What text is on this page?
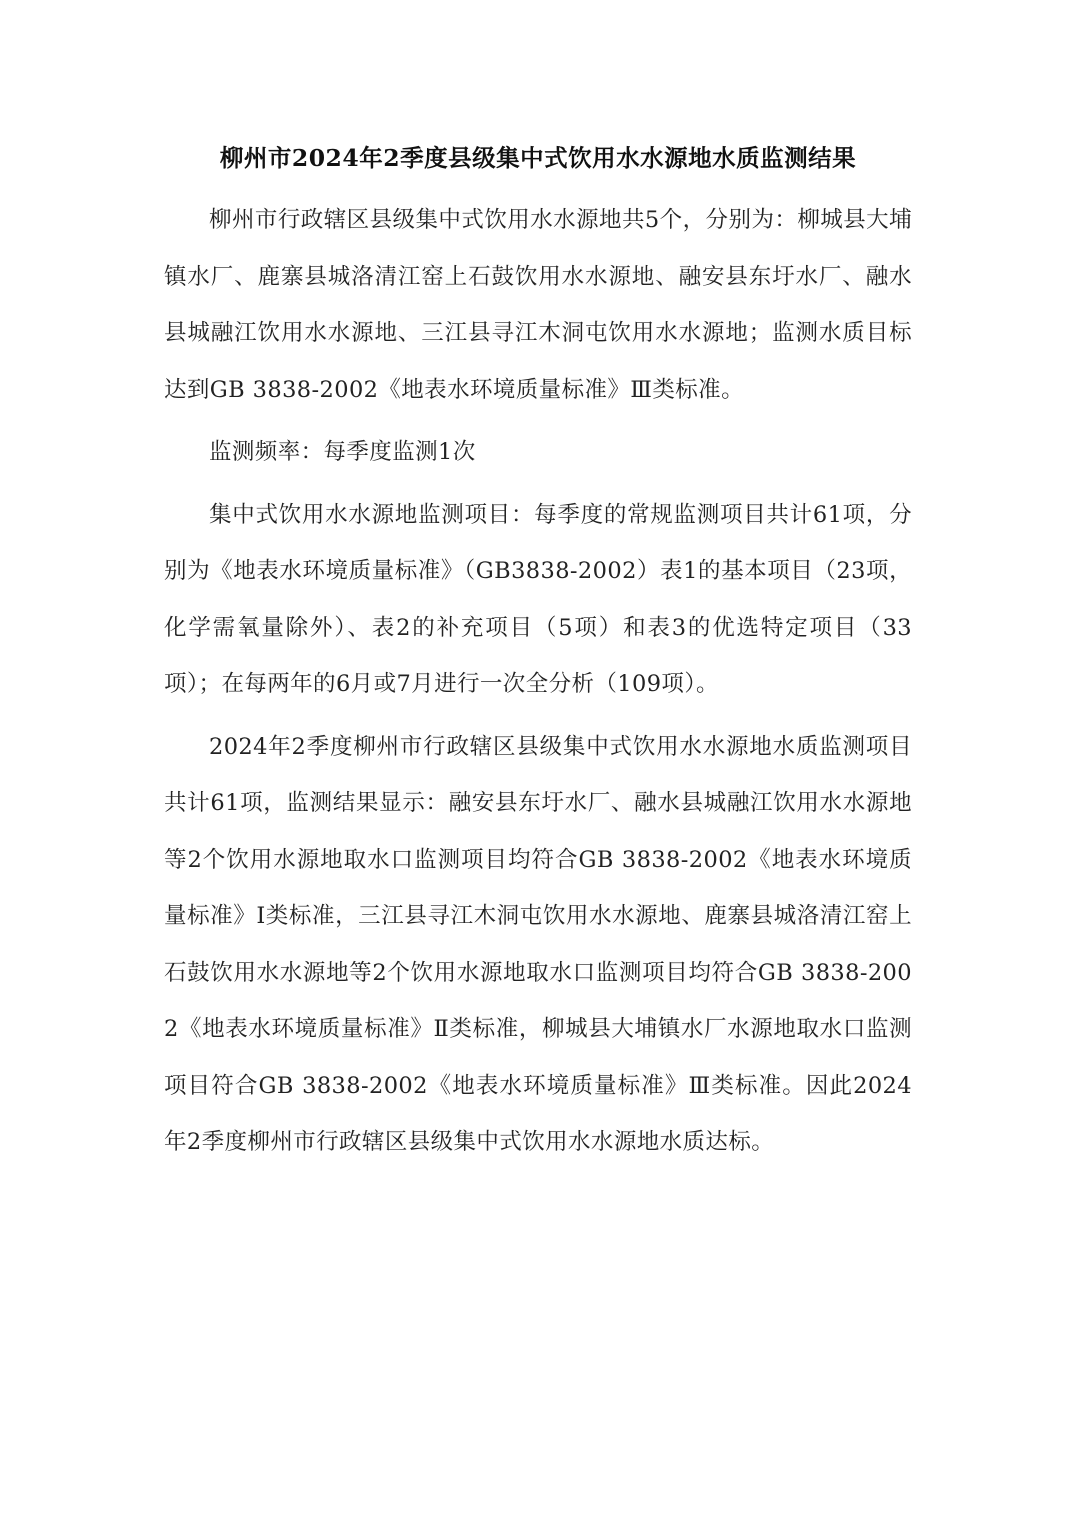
柳州市2024年2季度县级集中式饮用水水源地水质监测结果

柳州市行政辖区县级集中式饮用水水源地共5个，分别为：柳城县大埔镇水厂、鹿寨县城洛清江窑上石鼓饮用水水源地、融安县东圩水厂、融水县城融江饮用水水源地、三江县寻江木洞屯饮用水水源地；监测水质目标达到GB 3838-2002《地表水环境质量标准》Ⅲ类标准。

监测频率：每季度监测1次

集中式饮用水水源地监测项目：每季度的常规监测项目共计61项，分别为《地表水环境质量标准》（GB3838-2002）表1的基本项目（23项，化学需氧量除外）、表2的补充项目（5项）和表3的优选特定项目（33项）；在每两年的6月或7月进行一次全分析（109项）。

2024年2季度柳州市行政辖区县级集中式饮用水水源地水质监测项目共计61项，监测结果显示：融安县东圩水厂、融水县城融江饮用水水源地等2个饮用水源地取水口监测项目均符合GB 3838-2002《地表水环境质量标准》Ⅰ类标准，三江县寻江木洞屯饮用水水源地、鹿寨县城洛清江窑上石鼓饮用水水源地等2个饮用水源地取水口监测项目均符合GB 3838-2002《地表水环境质量标准》Ⅱ类标准，柳城县大埔镇水厂水源地取水口监测项目符合GB 3838-2002《地表水环境质量标准》Ⅲ类标准。因此2024年2季度柳州市行政辖区县级集中式饮用水水源地水质达标。
